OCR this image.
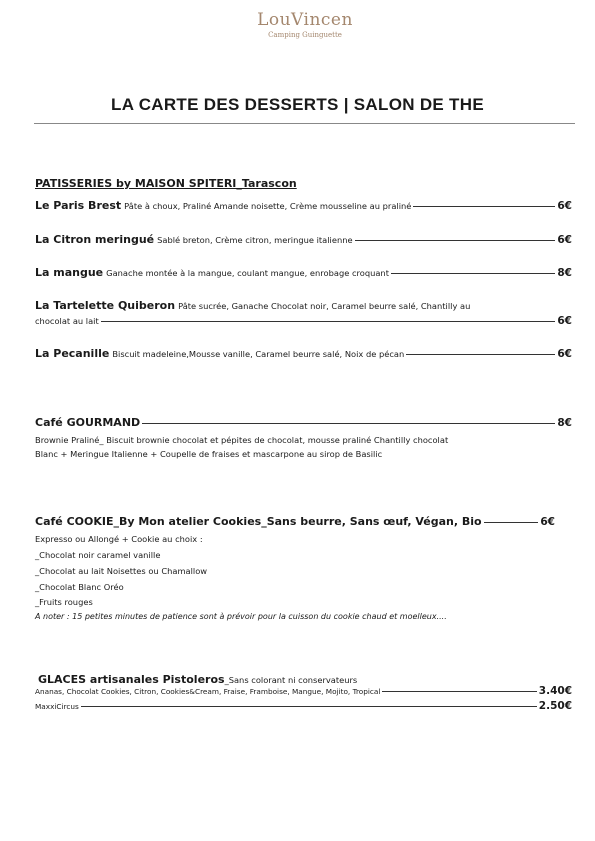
LouVincen
Camping Guinguette
LA CARTE DES DESSERTS | SALON DE THE
PATISSERIES by MAISON SPITERI_Tarascon
Le Paris Brest Pâte à choux, Praliné Amande noisette, Crème mousseline au praliné	6€
La Citron meringué Sablé breton, Crème citron, meringue italienne	6€
La mangue Ganache montée à la mangue, coulant mangue, enrobage croquant	8€
La Tartelette Quiberon Pâte sucrée, Ganache Chocolat noir, Caramel beurre salé, Chantilly au
chocolat au lait	6€
La Pecanille Biscuit madeleine,Mousse vanille, Caramel beurre salé, Noix de pécan	6€
Café GOURMAND	8€
Brownie Praliné_ Biscuit brownie chocolat et pépites de chocolat, mousse praliné Chantilly chocolat
Blanc + Meringue Italienne + Coupelle de fraises et mascarpone au sirop de Basilic
Café COOKIE_By Mon atelier Cookies_Sans beurre, Sans œuf, Végan, Bio	6€
Expresso ou Allongé + Cookie au choix :
_Chocolat noir caramel vanille
_Chocolat au lait Noisettes ou Chamallow
_Chocolat Blanc Oréo
_Fruits rouges
A noter : 15 petites minutes de patience sont à prévoir pour la cuisson du cookie chaud et moelleux....
GLACES artisanales Pistoleros_Sans colorant ni conservateurs
Ananas, Chocolat Cookies, Citron, Cookies&Cream, Fraise, Framboise, Mangue, Mojito, Tropical	3.40€
MaxxiCircus	2.50€
